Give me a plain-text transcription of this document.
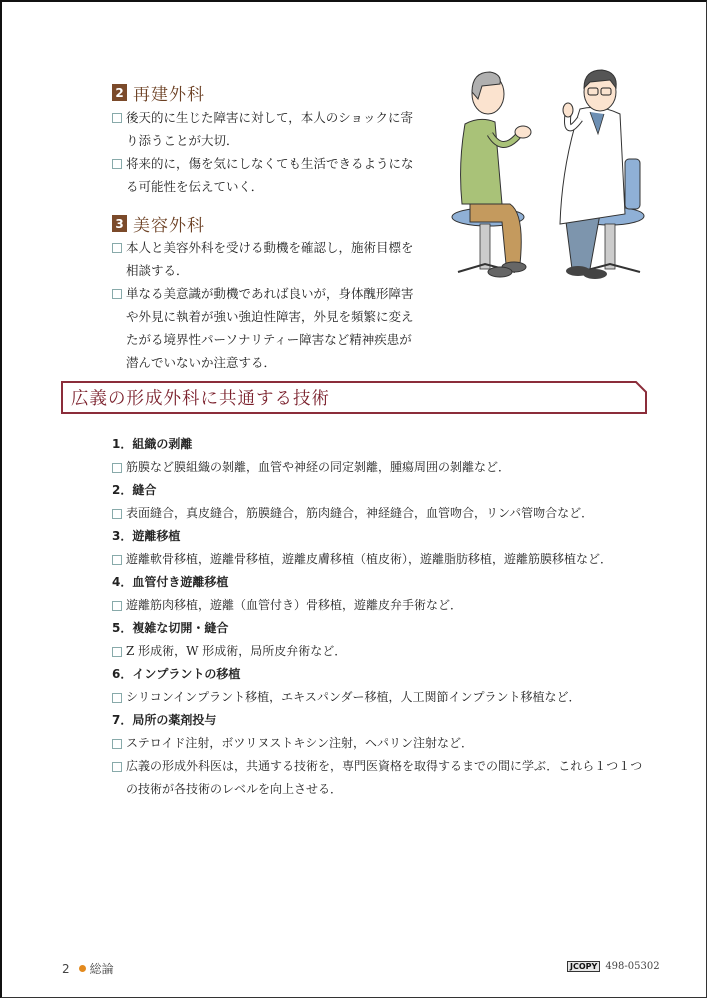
2 再建外科
後天的に生じた障害に対して，本人のショックに寄り添うことが大切．
将来的に，傷を気にしなくても生活できるようになる可能性を伝えていく．
3 美容外科
本人と美容外科を受ける動機を確認し，施術目標を相談する．
単なる美意識が動機であれば良いが，身体醜形障害や外見に執着が強い強迫性障害，外見を頻繁に変えたがる境界性パーソナリティー障害など精神疾患が潜んでいないか注意する．
広義の形成外科に共通する技術
1．組織の剥離
筋膜など膜組織の剝離，血管や神経の同定剝離，腫瘍周囲の剝離など．
2．縫合
表面縫合，真皮縫合，筋膜縫合，筋肉縫合，神経縫合，血管吻合，リンパ管吻合など．
3．遊離移植
遊離軟骨移植，遊離骨移植，遊離皮膚移植（植皮術），遊離脂肪移植，遊離筋膜移植など．
4．血管付き遊離移植
遊離筋肉移植，遊離（血管付き）骨移植，遊離皮弁手術など．
5．複雑な切開・縫合
Z 形成術，W 形成術，局所皮弁術など．
6．インプラントの移植
シリコンインプラント移植，エキスパンダー移植，人工関節インプラント移植など．
7．局所の薬剤投与
ステロイド注射，ボツリヌストキシン注射，ヘパリン注射など．
広義の形成外科医は，共通する技術を，専門医資格を取得するまでの間に学ぶ．これら１つ１つの技術が各技術のレベルを向上させる．
2 総論	JCOPY 498-05302
